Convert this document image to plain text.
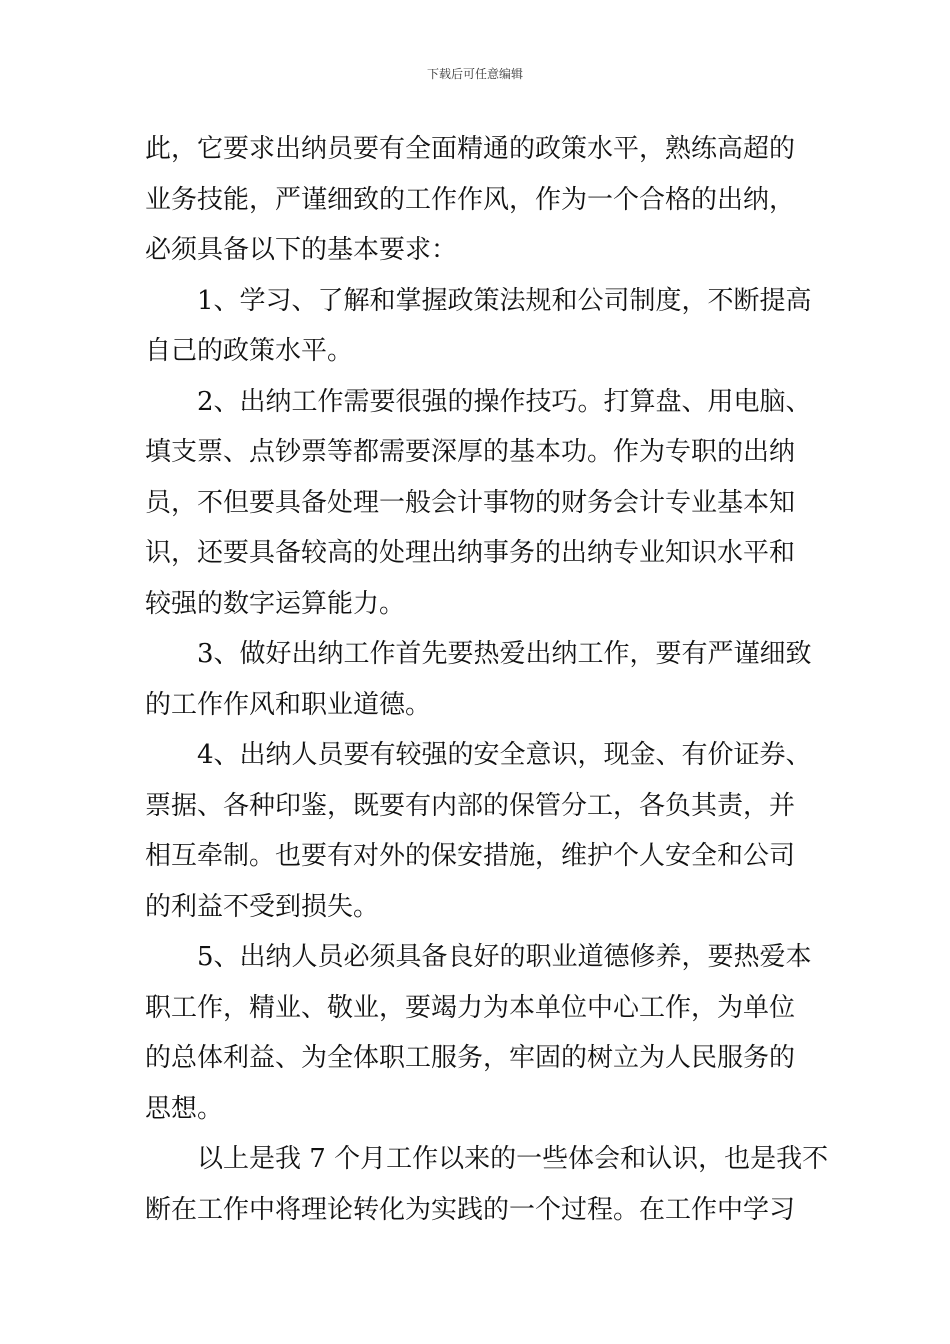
下载后可任意编辑
此，它要求出纳员要有全面精通的政策水平，熟练高超的
业务技能，严谨细致的工作作风，作为一个合格的出纳，
必须具备以下的基本要求：
1、学习、了解和掌握政策法规和公司制度，不断提高
自己的政策水平。
2、出纳工作需要很强的操作技巧。打算盘、用电脑、
填支票、点钞票等都需要深厚的基本功。作为专职的出纳
员，不但要具备处理一般会计事物的财务会计专业基本知
识，还要具备较高的处理出纳事务的出纳专业知识水平和
较强的数字运算能力。
3、做好出纳工作首先要热爱出纳工作，要有严谨细致
的工作作风和职业道德。
4、出纳人员要有较强的安全意识，现金、有价证券、
票据、各种印鉴，既要有内部的保管分工，各负其责，并
相互牵制。也要有对外的保安措施，维护个人安全和公司
的利益不受到损失。
5、出纳人员必须具备良好的职业道德修养，要热爱本
职工作，精业、敬业，要竭力为本单位中心工作，为单位
的总体利益、为全体职工服务，牢固的树立为人民服务的
思想。
以上是我 7 个月工作以来的一些体会和认识，也是我不
断在工作中将理论转化为实践的一个过程。在工作中学习
